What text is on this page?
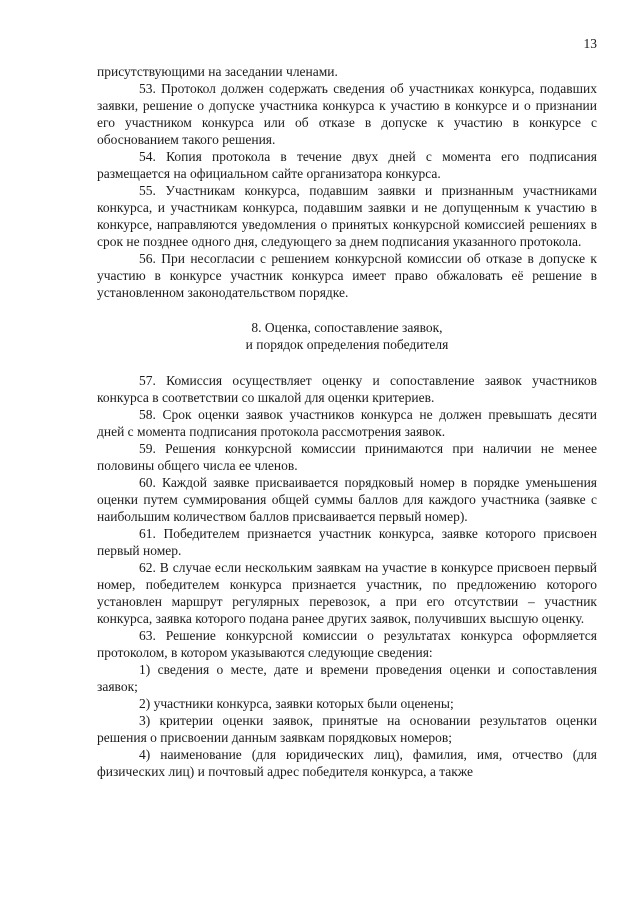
13

присутствующими на заседании членами.

53. Протокол должен содержать сведения об участниках конкурса, подавших заявки, решение о допуске участника конкурса к участию в конкурсе и о признании его участником конкурса или об отказе в допуске к участию в конкурсе с обоснованием такого решения.

54. Копия протокола в течение двух дней с момента его подписания размещается на официальном сайте организатора конкурса.

55. Участникам конкурса, подавшим заявки и признанным участниками конкурса, и участникам конкурса, подавшим заявки и не допущенным к участию в конкурсе, направляются уведомления о принятых конкурсной комиссией решениях в срок не позднее одного дня, следующего за днем подписания указанного протокола.

56. При несогласии с решением конкурсной комиссии об отказе в допуске к участию в конкурсе участник конкурса имеет право обжаловать её решение в установленном законодательством порядке.

8. Оценка, сопоставление заявок,
и порядок определения победителя

57. Комиссия осуществляет оценку и сопоставление заявок участников конкурса в соответствии со шкалой для оценки критериев.

58. Срок оценки заявок участников конкурса не должен превышать десяти дней с момента подписания протокола рассмотрения заявок.

59. Решения конкурсной комиссии принимаются при наличии не менее половины общего числа ее членов.

60. Каждой заявке присваивается порядковый номер в порядке уменьшения оценки путем суммирования общей суммы баллов для каждого участника (заявке с наибольшим количеством баллов присваивается первый номер).

61. Победителем признается участник конкурса, заявке которого присвоен первый номер.

62. В случае если нескольким заявкам на участие в конкурсе присвоен первый номер, победителем конкурса признается участник, по предложению которого установлен маршрут регулярных перевозок, а при его отсутствии – участник конкурса, заявка которого подана ранее других заявок, получивших высшую оценку.

63. Решение конкурсной комиссии о результатах конкурса оформляется протоколом, в котором указываются следующие сведения:

1) сведения о месте, дате и времени проведения оценки и сопоставления заявок;

2) участники конкурса, заявки которых были оценены;

3) критерии оценки заявок, принятые на основании результатов оценки решения о присвоении данным заявкам порядковых номеров;

4) наименование (для юридических лиц), фамилия, имя, отчество (для физических лиц) и почтовый адрес победителя конкурса, а также
